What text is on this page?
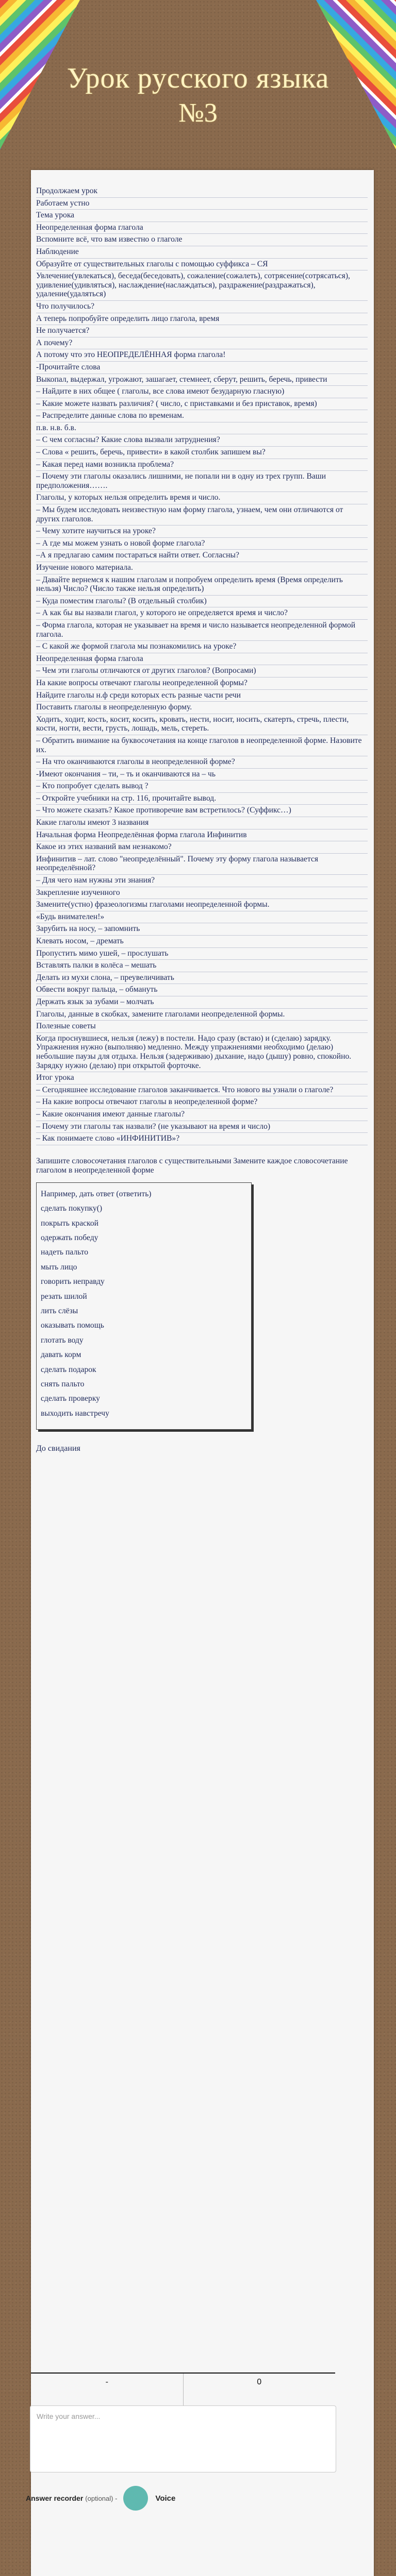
Урок русского языка
№3

Продолжаем урок

Работаем устно

Тема урока

Неопределенная форма глагола

Вспомните всё, что вам известно о глаголе

Наблюдение

Образуйте от существительных глаголы с помощью суффикса – СЯ

Увлечение(увлекаться), беседа(беседовать), сожаление(сожалеть), сотрясение(сотрясаться), удивление(удивляться), наслаждение(наслаждаться), раздражение(раздражаться), удаление(удаляться)

Что получилось?

А теперь попробуйте определить лицо глагола, время

Не получается?

А почему?

А потому что это НЕОПРЕДЕЛЁННАЯ форма глагола!

-Прочитайте слова

Выкопал, выдержал, угрожают, зашагает, стемнеет, сберут, решить, беречь, привести

– Найдите в них общее ( глаголы, все слова имеют безударную гласную)

– Какие можете назвать различия? ( число, с приставками и без приставок, время)

– Распределите данные слова по временам.

п.в. н.в. б.в.

– С чем согласны? Какие слова вызвали затруднения?

– Слова « решить, беречь, привести» в какой столбик запишем вы?

– Какая перед нами возникла проблема?

– Почему эти глаголы оказались лишними, не попали ни в одну из трех групп. Ваши предположения…….

Глаголы, у которых нельзя определить время и число.

– Мы будем исследовать неизвестную нам форму глагола, узнаем, чем они отличаются от других глаголов.

– Чему хотите научиться на уроке?

– А где мы можем узнать о новой форме глагола?

–А я предлагаю самим постараться найти ответ. Согласны?

Изучение нового материала.

– Давайте вернемся к нашим глаголам и попробуем определить время (Время определить нельзя) Число? (Число также нельзя определить)

– Куда поместим глаголы? (В отдельный столбик)

– А как бы вы назвали глагол, у которого не определяется время и число?

– Форма глагола, которая не указывает на время и число называется неопределенной формой глагола.

– С какой же формой глагола мы познакомились на уроке?

Неопределенная форма глагола

– Чем эти глаголы отличаются от других глаголов? (Вопросами)

На какие вопросы отвечают глаголы неопределенной формы?

Найдите глаголы н.ф среди которых есть разные части речи

Поставить глаголы в неопределенную форму.

Ходить, ходит, кость, косит, косить, кровать, нести, носит, носить, скатерть, стречь, плести, кости, ногти, вести, грусть, лошадь, мель, стереть.

– Обратить внимание на буквосочетания на конце глаголов в неопределенной форме. Назовите их.

– На что оканчиваются глаголы в неопределенной форме?

-Имеют окончания – ти, – ть и оканчиваются на – чь

– Кто попробует сделать вывод ?

– Откройте учебники на стр. 116, прочитайте вывод.

– Что можете сказать? Какое противоречие вам встретилось? (Суффикс…)

Какие глаголы имеют 3 названия

Начальная форма Неопределённая форма глагола Инфинитив

Какое из этих названий вам незнакомо?

Инфинитив – лат. слово "неопределённый". Почему эту форму глагола называется неопределённой?

– Для чего нам нужны эти знания?

Закрепление изученного

Замените(устно) фразеологизмы глаголами неопределенной формы.

«Будь внимателен!»

Зарубить на носу, – запомнить

Клевать носом, – дремать

Пропустить мимо ушей, – прослушать

Вставлять палки в колёса – мешать

Делать из мухи слона, – преувеличивать

Обвести вокруг пальца, – обмануть

Держать язык за зубами – молчать

Глаголы, данные в скобках, замените глаголами неопределенной формы.

Полезные советы

Когда проснувшиеся, нельзя (лежу) в постели. Надо сразу (встаю) и (сделаю) зарядку. Упражнения нужно (выполняю) медленно. Между упражнениями необходимо (делаю) небольшие паузы для отдыха. Нельзя (задерживаю) дыхание, надо (дышу) ровно, спокойно. Зарядку нужно (делаю) при открытой форточке.

Итог урока

– Сегодняшнее исследование глаголов заканчивается. Что нового вы узнали о глаголе?

– На какие вопросы отвечают глаголы в неопределенной форме?

– Какие окончания имеют данные глаголы?

– Почему эти глаголы так назвали? (не указывают на время и число)

– Как понимаете слово «ИНФИНИТИВ»?

Запишите словосочетания глаголов с существительными Замените каждое словосочетание глаголом в неопределенной форме
Например, дать ответ (ответить)
сделать покупку()
покрыть краской
одержать победу
надеть пальто
мыть лицо
говорить неправду
резать шилой
лить слёзы
оказывать помощь
глотать воду
давать корм
сделать подарок
снять пальто
сделать проверку
выходить навстречу
До свидания
-	0
Write your answer...
Answer recorder (optional) -	Voice
